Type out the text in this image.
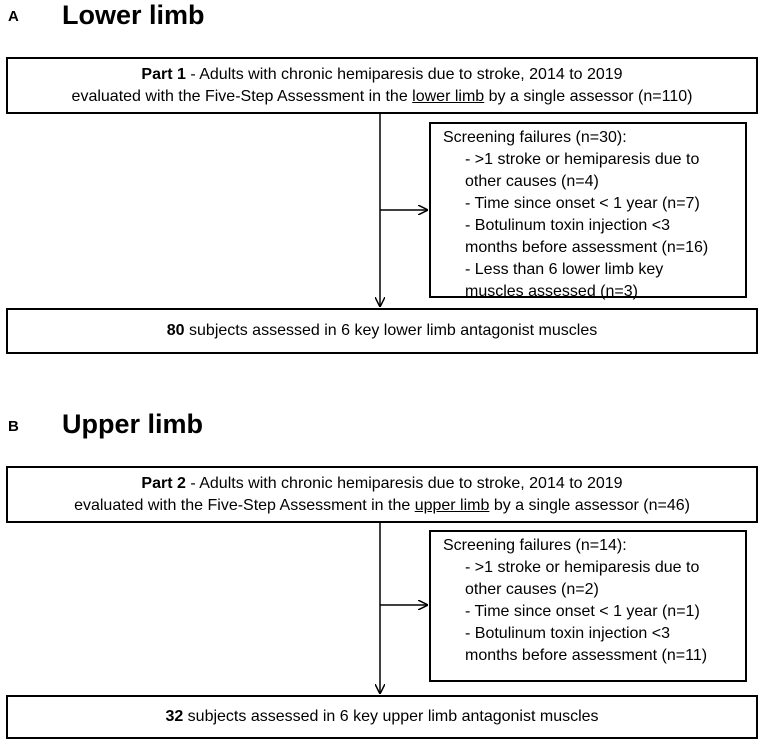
A Lower limb
Part 1 - Adults with chronic hemiparesis due to stroke, 2014 to 2019
evaluated with the Five-Step Assessment in the lower limb by a single assessor (n=110)
Screening failures (n=30):
- >1 stroke or hemiparesis due to
other causes (n=4)
- Time since onset < 1 year (n=7)
- Botulinum toxin injection <3
months before assessment (n=16)
- Less than 6 lower limb key
muscles assessed (n=3)
80 subjects assessed in 6 key lower limb antagonist muscles
B Upper limb
Part 2 - Adults with chronic hemiparesis due to stroke, 2014 to 2019
evaluated with the Five-Step Assessment in the upper limb by a single assessor (n=46)
Screening failures (n=14):
- >1 stroke or hemiparesis due to
other causes (n=2)
- Time since onset < 1 year (n=1)
- Botulinum toxin injection <3
months before assessment (n=11)
32 subjects assessed in 6 key upper limb antagonist muscles
